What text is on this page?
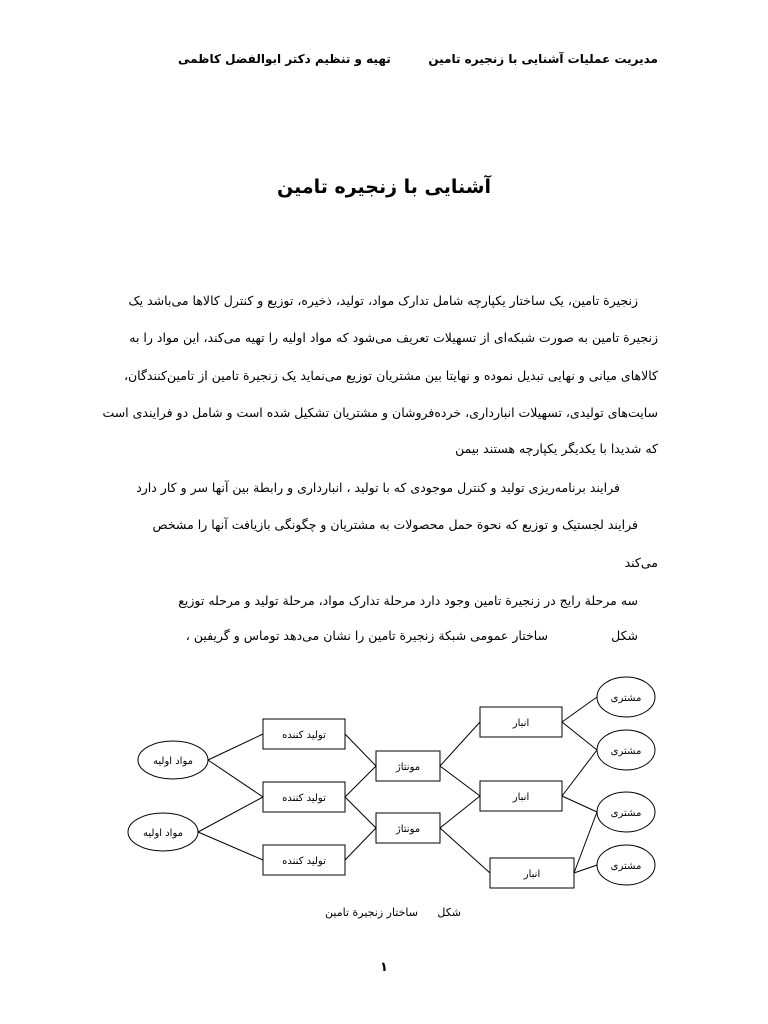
مدیریت عملیات آشنایی با زنجیره تامین
تهیه و تنظیم دکتر ابوالفضل کاظمی
آشنایی با زنجیره تامین
زنجیرة تامین، یک ساختار یکپارچه شامل تدارک مواد، تولید، ذخیره، توزیع و کنترل کالاها می‌باشد یک
زنجیرة تامین به صورت شبکه‌ای از تسهیلات تعریف می‌شود که مواد اولیه را تهیه می‌کند، این مواد را به
کالاهای میانی و نهایی تبدیل نموده و نهایتا بین مشتریان توزیع می‌نماید یک زنجیرة تامین از تامین‌کنندگان،
سایت‌های تولیدی، تسهیلات انبارداری، خرده‌فروشان و مشتریان تشکیل شده است و شامل دو فرایندی است
که شدیدا با یکدیگر یکپارچه هستند بیمن
فرایند برنامه‌ریزی تولید و کنترل موجودی که با تولید ، انبارداری و رابطة بین آنها سر و کار دارد
فرایند لجستیک و توزیع که نحوة حمل محصولات به مشتریان و چگونگی بازیافت آنها را مشخص
می‌کند
سه مرحلة رایج در زنجیرة تامین وجود دارد مرحلة تدارک مواد، مرحلة تولید و مرحله توزیع
شکل
ساختار عمومی شبکة زنجیرة تامین را نشان می‌دهد توماس و گریفین ،
مواد اولیه
مواد اولیه
تولید کننده
تولید کننده
تولید کننده
مونتاژ
مونتاژ
انبار
انبار
انبار
مشتری
مشتری
مشتری
مشتری
شکل
ساختار زنجیرة تامین
١
